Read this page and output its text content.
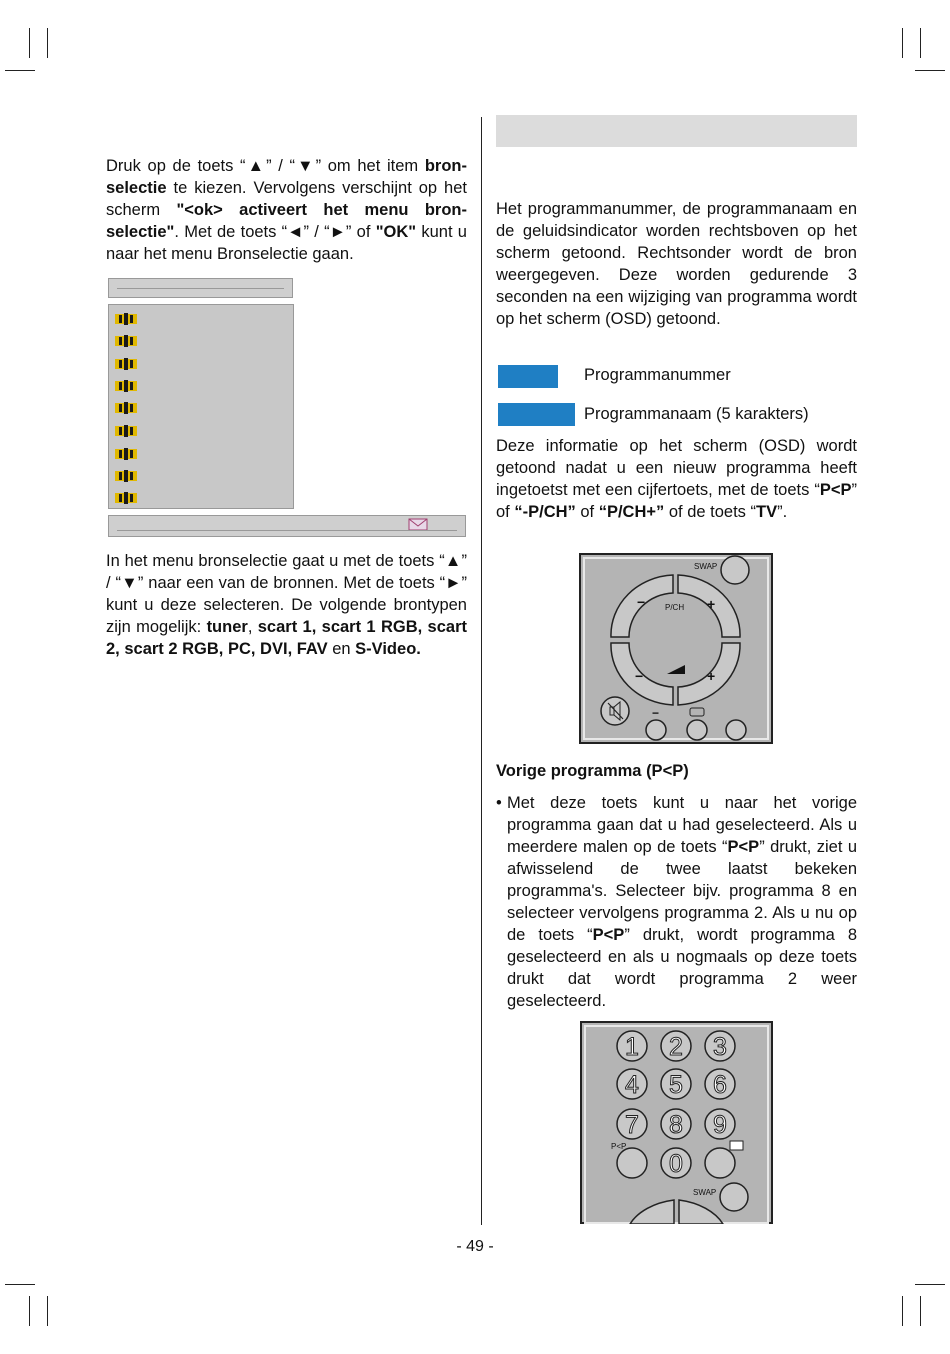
Druk op de toets “▲” / “▼” om het item bron-selectie te kiezen. Vervolgens verschijnt op het scherm "<ok> activeert het menu bron-selectie". Met de toets “◄” / “►” of "OK" kunt u naar het menu Bronselectie gaan.

In het menu bronselectie gaat u met de toets “▲” / “▼” naar een van de bronnen. Met de toets “►” kunt u deze selecteren. De volgende brontypen zijn mogelijk: tuner, scart 1, scart 1 RGB, scart 2, scart 2 RGB, PC, DVI, FAV en S-Video.

Het programmanummer, de programmanaam en de geluidsindicator worden rechtsboven op het scherm getoond. Rechtsonder wordt de bron weergegeven. Deze worden gedurende 3 seconden na een wijziging van programma wordt op het scherm (OSD) getoond.

Programmanummer
Programmanaam (5 karakters)

Deze informatie op het scherm (OSD) wordt getoond nadat u een nieuw programma heeft ingetoetst met een cijfertoets, met de toets “P<P” of “-P/CH” of “P/CH+” of de toets “TV”.

SWAP
−	+
P/CH
−	+
−
Vorige programma (P<P)
• Met deze toets kunt u naar het vorige programma gaan dat u had geselecteerd. Als u meerdere malen op de toets “P<P” drukt, ziet u afwisselend de twee laatst bekeken programma's. Selecteer bijv. programma 8 en selecteer vervolgens programma 2. Als u nu op de toets “P<P” drukt, wordt programma 8 geselecteerd en als u nogmaals op deze toets drukt dat wordt programma 2 weer geselecteerd.

1 2 3
4 5 6
7 8 9
0
P<P
SWAP
- 49 -
